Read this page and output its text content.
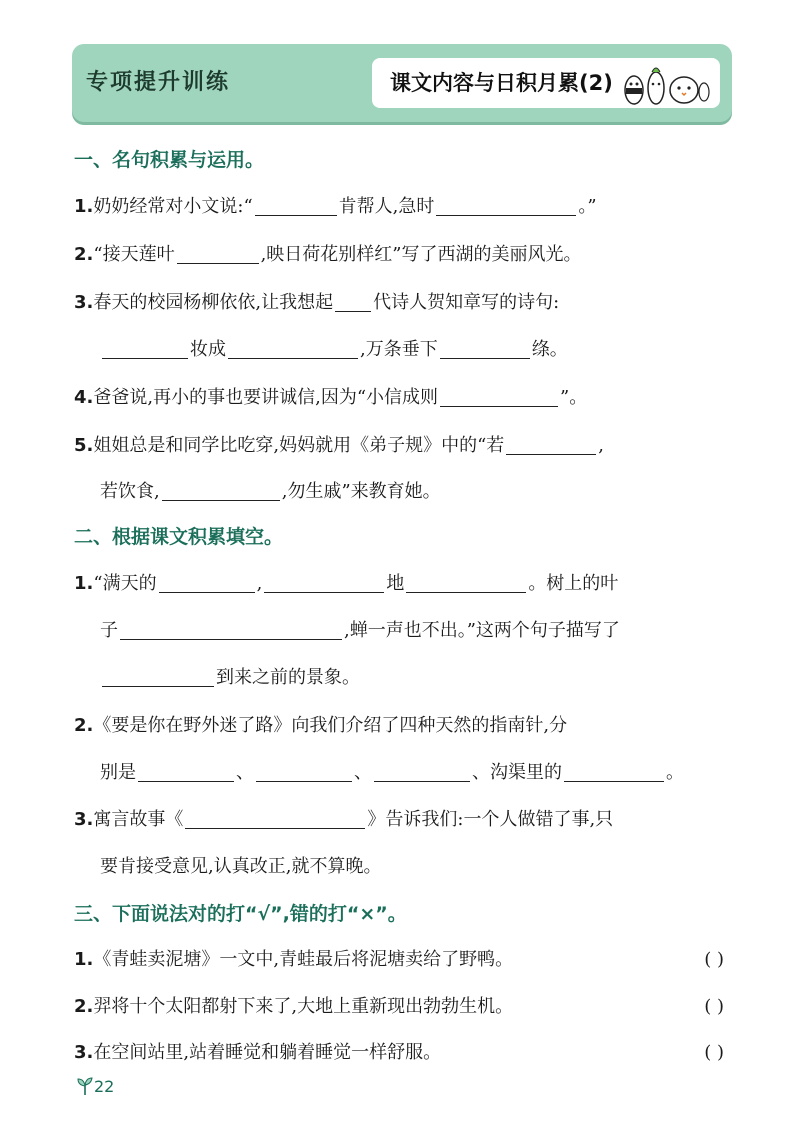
专项提升训练	课文内容与日积月累(2)
一、名句积累与运用。
1.奶奶经常对小文说:“	肯帮人,急时	。”
2.“接天莲叶	,映日荷花别样红”写了西湖的美丽风光。
3.春天的校园杨柳依依,让我想起 代诗人贺知章写的诗句:
妆成	,万条垂下	绦。
4.爸爸说,再小的事也要讲诚信,因为“小信成则	”。
5.姐姐总是和同学比吃穿,妈妈就用《弟子规》中的“若	,
若饮食,	,勿生戚”来教育她。
二、根据课文积累填空。
1.“满天的	,	地	。树上的叶
子	,蝉一声也不出。”这两个句子描写了
到来之前的景象。
2.《要是你在野外迷了路》向我们介绍了四种天然的指南针,分
别是	、	、	、沟渠里的	。
3.寓言故事《	》告诉我们:一个人做错了事,只
要肯接受意见,认真改正,就不算晚。
三、下面说法对的打“√”,错的打“×”。
1.《青蛙卖泥塘》一文中,青蛙最后将泥塘卖给了野鸭。	( )
2.羿将十个太阳都射下来了,大地上重新现出勃勃生机。	( )
3.在空间站里,站着睡觉和躺着睡觉一样舒服。	( )
22
